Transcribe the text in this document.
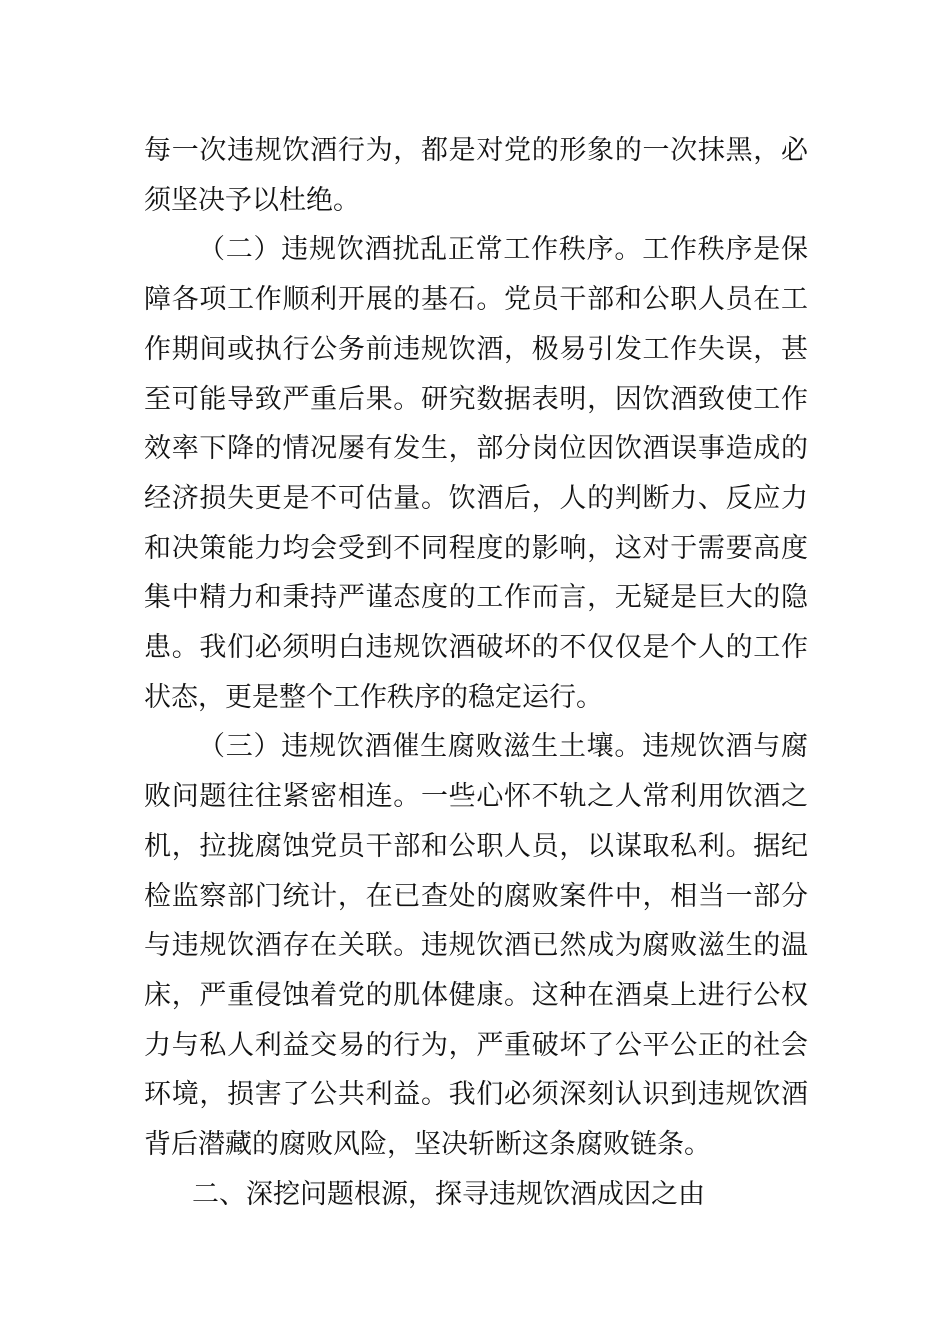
每一次违规饮酒行为，都是对党的形象的一次抹黑，必须坚决予以杜绝。

（二）违规饮酒扰乱正常工作秩序。工作秩序是保障各项工作顺利开展的基石。党员干部和公职人员在工作期间或执行公务前违规饮酒，极易引发工作失误，甚至可能导致严重后果。研究数据表明，因饮酒致使工作效率下降的情况屡有发生，部分岗位因饮酒误事造成的经济损失更是不可估量。饮酒后，人的判断力、反应力和决策能力均会受到不同程度的影响，这对于需要高度集中精力和秉持严谨态度的工作而言，无疑是巨大的隐患。我们必须明白违规饮酒破坏的不仅仅是个人的工作状态，更是整个工作秩序的稳定运行。

（三）违规饮酒催生腐败滋生土壤。违规饮酒与腐败问题往往紧密相连。一些心怀不轨之人常利用饮酒之机，拉拢腐蚀党员干部和公职人员，以谋取私利。据纪检监察部门统计，在已查处的腐败案件中，相当一部分与违规饮酒存在关联。违规饮酒已然成为腐败滋生的温床，严重侵蚀着党的肌体健康。这种在酒桌上进行公权力与私人利益交易的行为，严重破坏了公平公正的社会环境，损害了公共利益。我们必须深刻认识到违规饮酒背后潜藏的腐败风险，坚决斩断这条腐败链条。

二、深挖问题根源，探寻违规饮酒成因之由
